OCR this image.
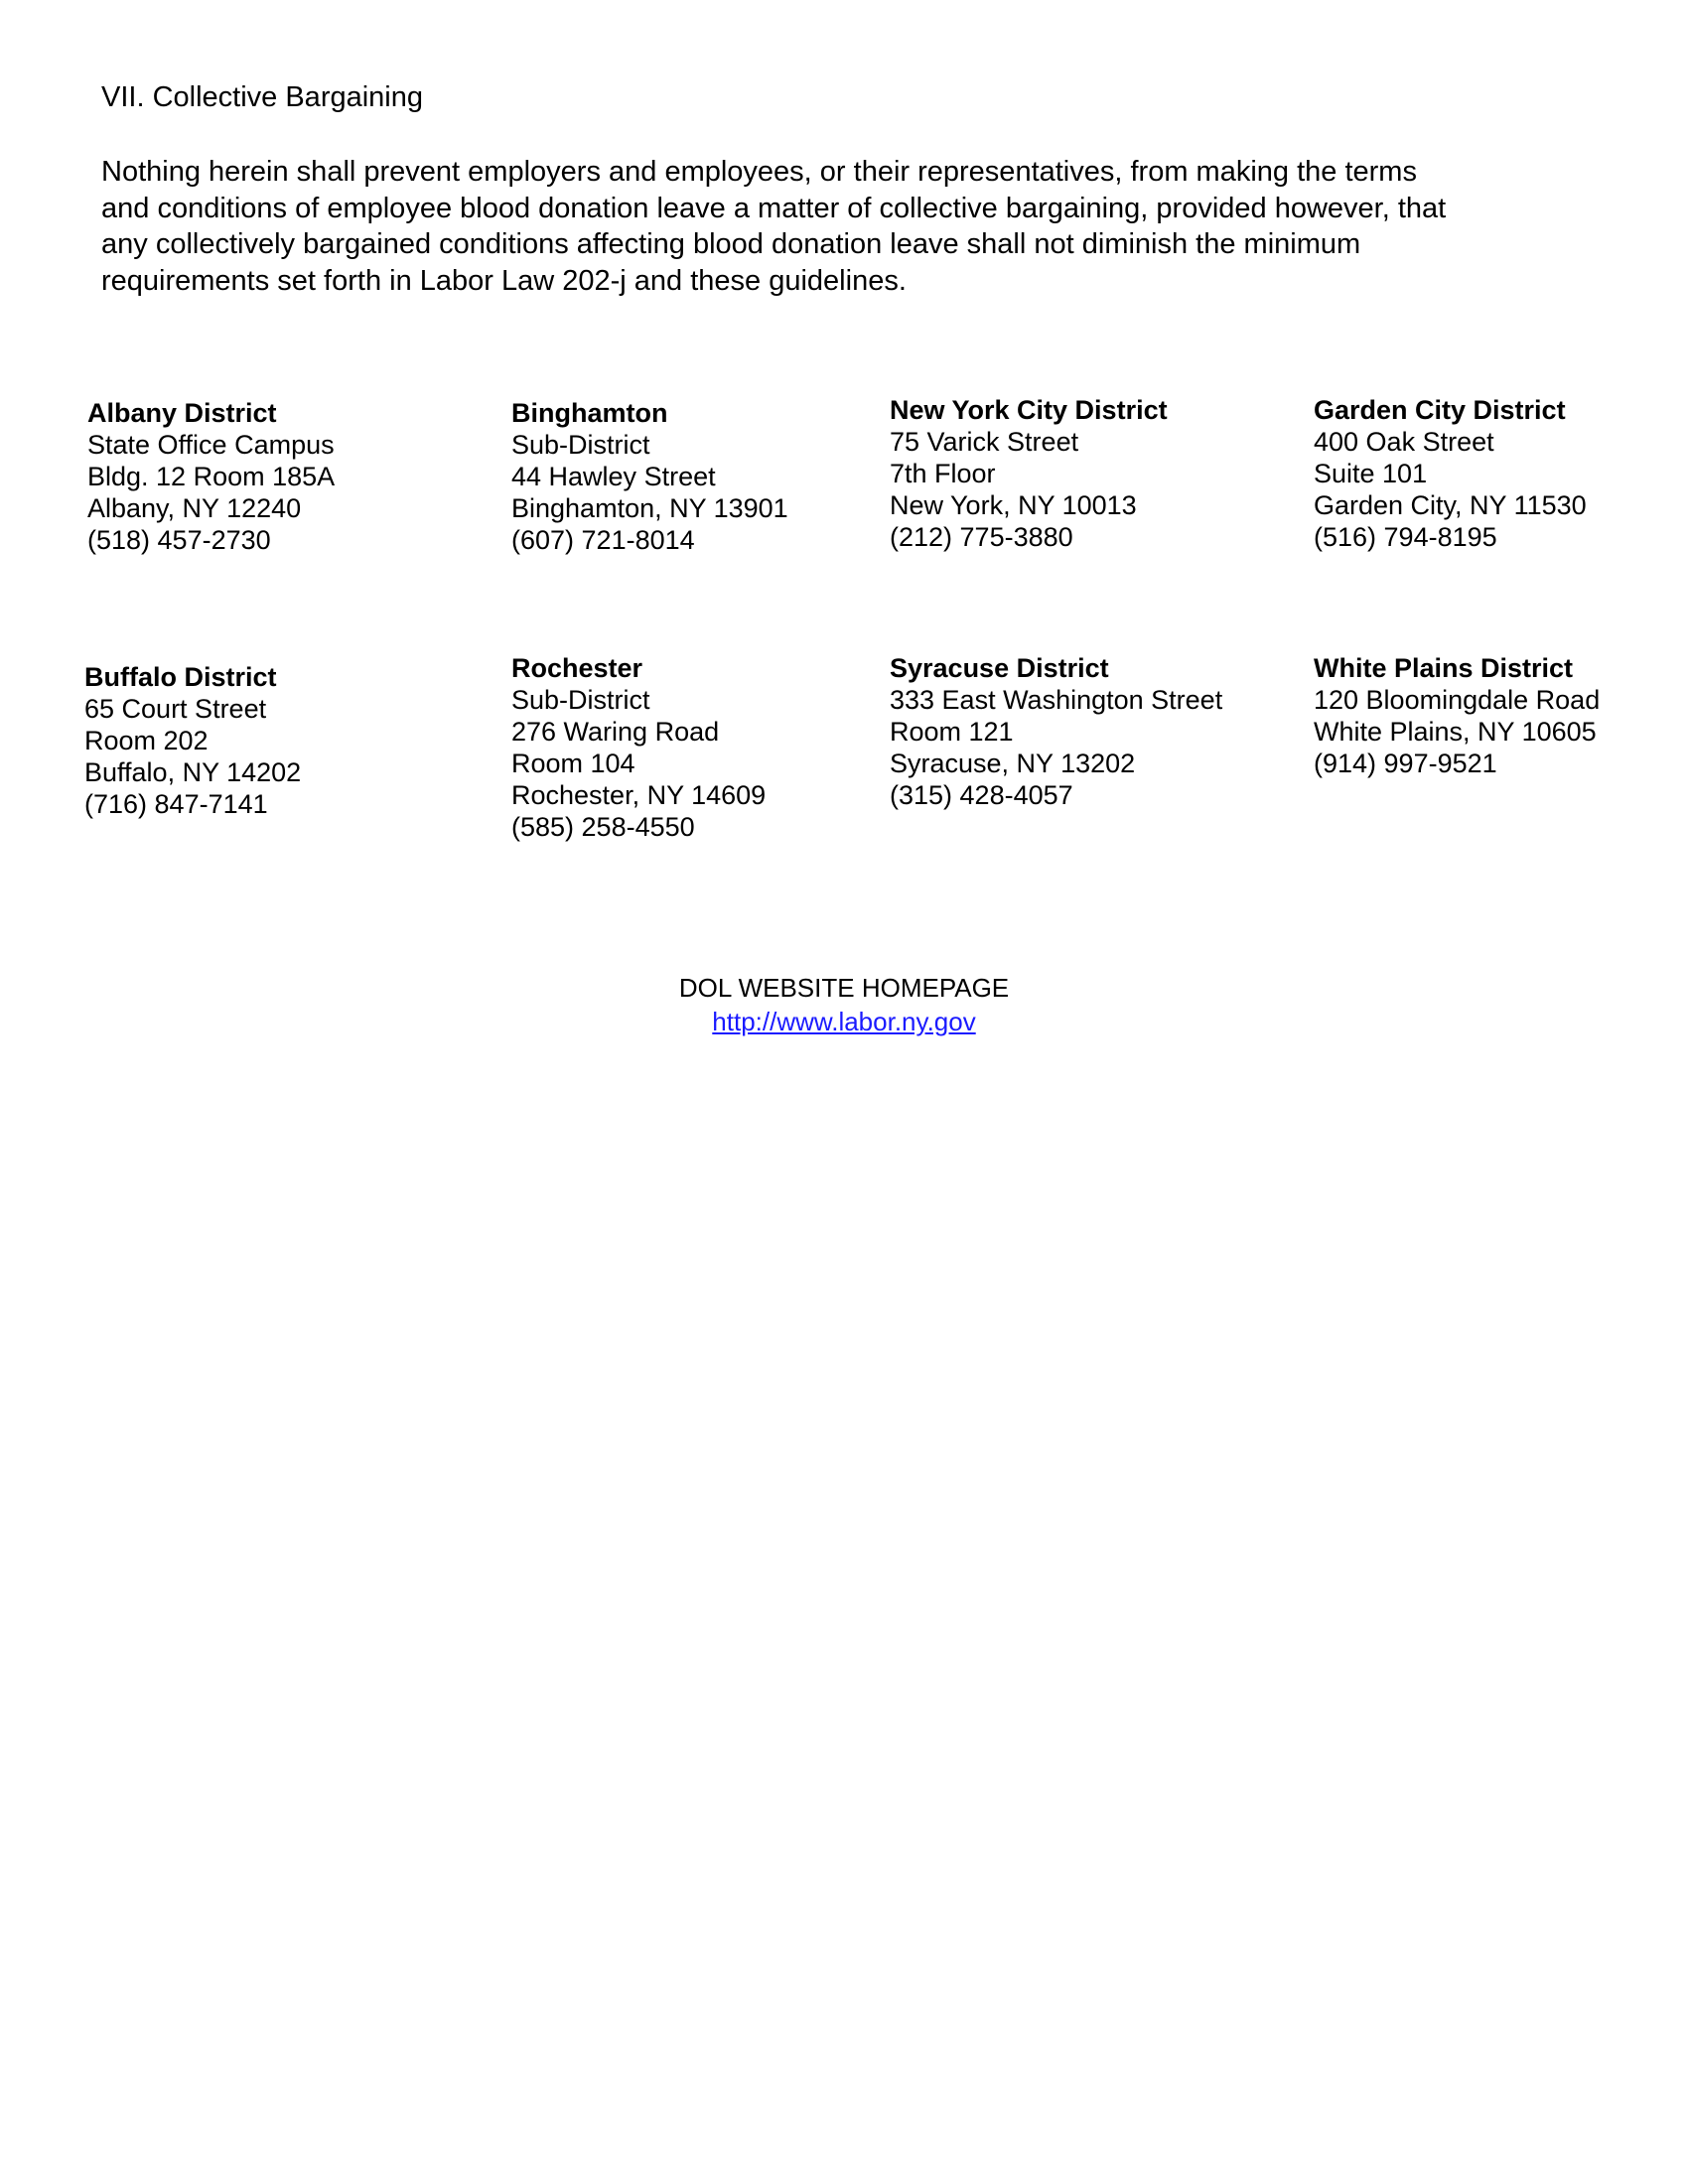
VII. Collective Bargaining

Nothing herein shall prevent employers and employees, or their representatives, from making the terms
and conditions of employee blood donation leave a matter of collective bargaining, provided however, that
any collectively bargained conditions affecting blood donation leave shall not diminish the minimum
requirements set forth in Labor Law 202-j and these guidelines.

Albany District
State Office Campus
Bldg. 12 Room 185A
Albany, NY 12240
(518) 457-2730
Binghamton
Sub-District
44 Hawley Street
Binghamton, NY 13901
(607) 721-8014
New York City District
75 Varick Street
7th Floor
New York, NY 10013
(212) 775-3880
Garden City District
400 Oak Street
Suite 101
Garden City, NY 11530
(516) 794-8195
Buffalo District
65 Court Street
Room 202
Buffalo, NY 14202
(716) 847-7141
Rochester
Sub-District
276 Waring Road
Room 104
Rochester, NY 14609
(585) 258-4550
Syracuse District
333 East Washington Street
Room 121
Syracuse, NY 13202
(315) 428-4057
White Plains District
120 Bloomingdale Road
White Plains, NY 10605
(914) 997-9521
DOL WEBSITE HOMEPAGE
http://www.labor.ny.gov
